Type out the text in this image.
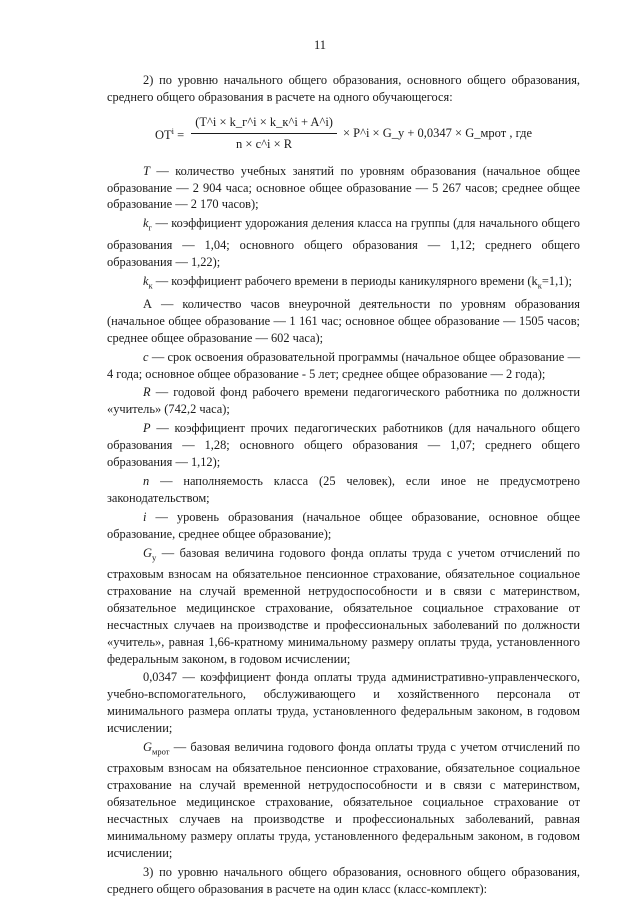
11

2) по уровню начального общего образования, основного общего образования, среднего общего образования в расчете на одного обучающегося:

$ОТ^i = \frac{(T\^{}i \times k\_г\^{}i \times k\_к\^{}i + A\^{}i)}{n \times c\^{}i \times R}$ × P^i × G_у + 0,0347 × G_мрот , где

T — количество учебных занятий по уровням образования (начальное общее образование — 2 904 часа; основное общее образование — 5 267 часов; среднее общее образование — 2 170 часов);

$k_г$ — коэффициент удорожания деления класса на группы (для начального общего образования — 1,04; основного общего образования — 1,12; среднего общего образования — 1,22);

$k_к$ — коэффициент рабочего времени в периоды каникулярного времени $(k_к=1,1)$;

А — количество часов внеурочной деятельности по уровням образования (начальное общее образование — 1 161 час; основное общее образование — 1505 часов; среднее общее образование — 602 часа);

c — срок освоения образовательной программы (начальное общее образование — 4 года; основное общее образование - 5 лет; среднее общее образование — 2 года);

R — годовой фонд рабочего времени педагогического работника по должности «учитель» (742,2 часа);

P — коэффициент прочих педагогических работников (для начального общего образования — 1,28; основного общего образования — 1,07; среднего общего образования — 1,12);

n — наполняемость класса (25 человек), если иное не предусмотрено законодательством;

i — уровень образования (начальное общее образование, основное общее образование, среднее общее образование);

$G_у$ — базовая величина годового фонда оплаты труда с учетом отчислений по страховым взносам на обязательное пенсионное страхование, обязательное социальное страхование на случай временной нетрудоспособности и в связи с материнством, обязательное медицинское страхование, обязательное социальное страхование от несчастных случаев на производстве и профессиональных заболеваний по должности «учитель», равная 1,66-кратному минимальному размеру оплаты труда, установленного федеральным законом, в годовом исчислении;

0,0347 — коэффициент фонда оплаты труда административно-управленческого, учебно-вспомогательного, обслуживающего и хозяйственного персонала от минимального размера оплаты труда, установленного федеральным законом, в годовом исчислении;

$G_{мрот}$ — базовая величина годового фонда оплаты труда с учетом отчислений по страховым взносам на обязательное пенсионное страхование, обязательное социальное страхование на случай временной нетрудоспособности и в связи с материнством, обязательное медицинское страхование, обязательное социальное страхование от несчастных случаев на производстве и профессиональных заболеваний, равная минимальному размеру оплаты труда, установленного федеральным законом, в годовом исчислении;

3) по уровню начального общего образования, основного общего образования, среднего общего образования в расчете на один класс (класс-комплект):
